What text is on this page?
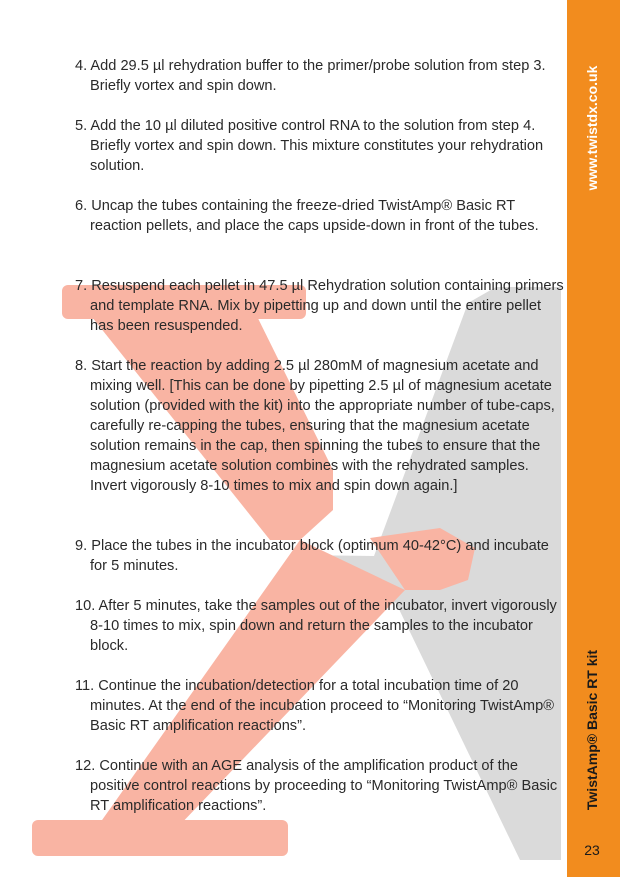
www.twistdx.co.uk
TwistAmp® Basic RT kit
23

4. Add 29.5 µl rehydration buffer to the primer/probe solution from step 3. Briefly vortex and spin down.

5. Add the 10 µl diluted positive control RNA to the solution from step 4. Briefly vortex and spin down. This mixture constitutes your rehydration solution.

6. Uncap the tubes containing the freeze-dried TwistAmp® Basic RT reaction pellets, and place the caps upside-down in front of the tubes.

7. Resuspend each pellet in 47.5 µl Rehydration solution containing primers and template RNA. Mix by pipetting up and down until the entire pellet has been resuspended.

8. Start the reaction by adding 2.5 µl 280mM of magnesium acetate and mixing well. [This can be done by pipetting 2.5 µl of magnesium acetate solution (provided with the kit) into the appropriate number of tube-caps, carefully re-capping the tubes, ensuring that the magnesium acetate solution remains in the cap, then spinning the tubes to ensure that the magnesium acetate solution combines with the rehydrated samples. Invert vigorously 8-10 times to mix and spin down again.]

9. Place the tubes in the incubator block (optimum 40-42°C) and incubate for 5 minutes.

10. After 5 minutes, take the samples out of the incubator, invert vigorously 8-10 times to mix, spin down and return the samples to the incubator block.

11. Continue the incubation/detection for a total incubation time of 20 minutes. At the end of the incubation proceed to “Monitoring TwistAmp® Basic RT amplification reactions”.

12. Continue with an AGE analysis of the amplification product of the positive control reactions by proceeding to “Monitoring TwistAmp® Basic RT amplification reactions”.
